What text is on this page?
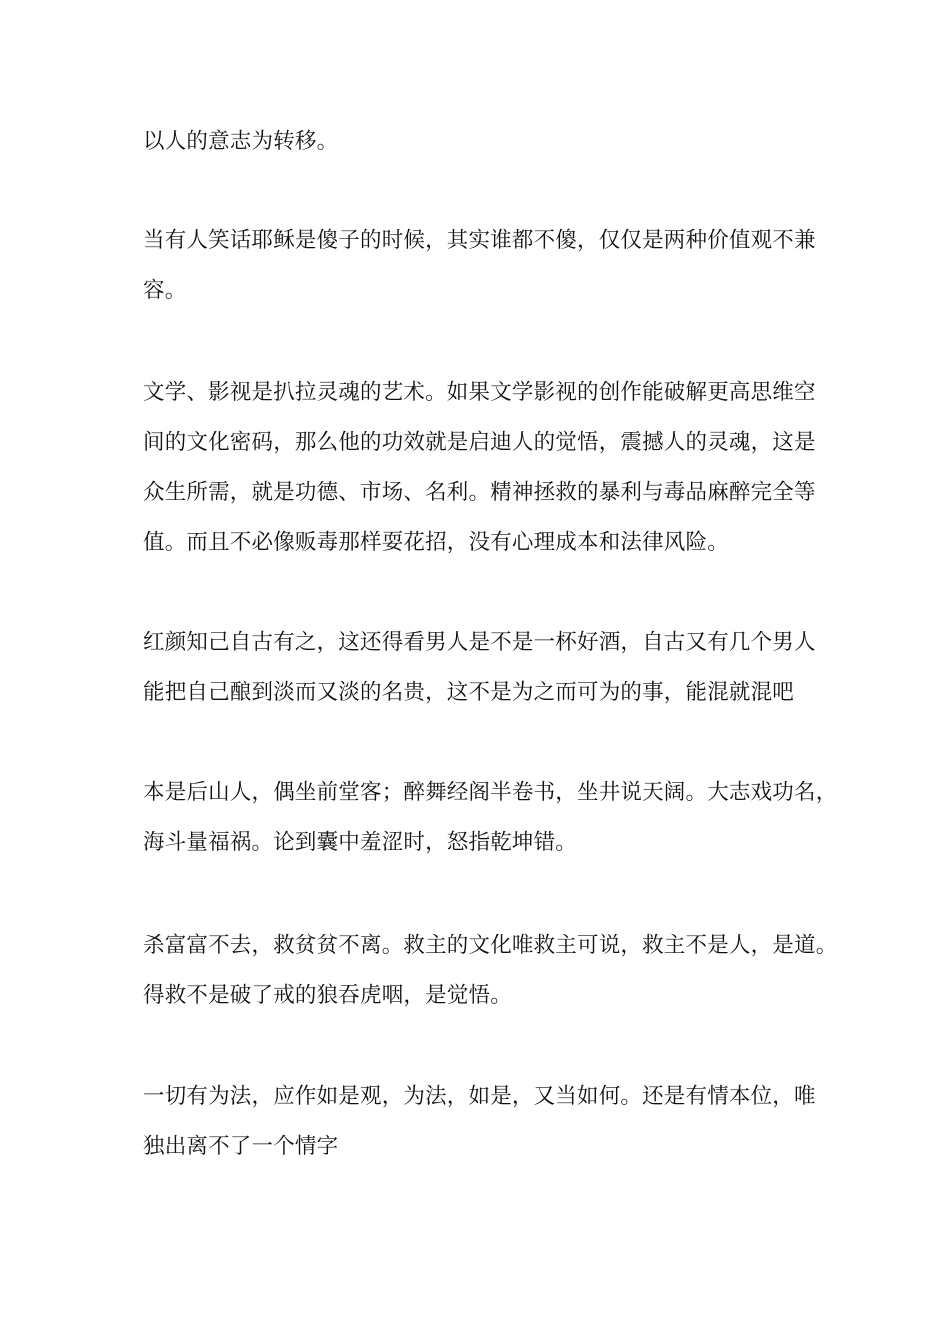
以人的意志为转移。

当有人笑话耶稣是傻子的时候，其实谁都不傻，仅仅是两种价值观不兼
容。

文学、影视是扒拉灵魂的艺术。如果文学影视的创作能破解更高思维空
间的文化密码，那么他的功效就是启迪人的觉悟，震撼人的灵魂，这是
众生所需，就是功德、市场、名利。精神拯救的暴利与毒品麻醉完全等
值。而且不必像贩毒那样耍花招，没有心理成本和法律风险。

红颜知己自古有之，这还得看男人是不是一杯好酒，自古又有几个男人
能把自己酿到淡而又淡的名贵，这不是为之而可为的事，能混就混吧

本是后山人，偶坐前堂客；醉舞经阁半卷书，坐井说天阔。大志戏功名，
海斗量福祸。论到囊中羞涩时，怒指乾坤错。

杀富富不去，救贫贫不离。救主的文化唯救主可说，救主不是人，是道。
得救不是破了戒的狼吞虎咽，是觉悟。

一切有为法，应作如是观，为法，如是，又当如何。还是有情本位，唯
独出离不了一个情字
